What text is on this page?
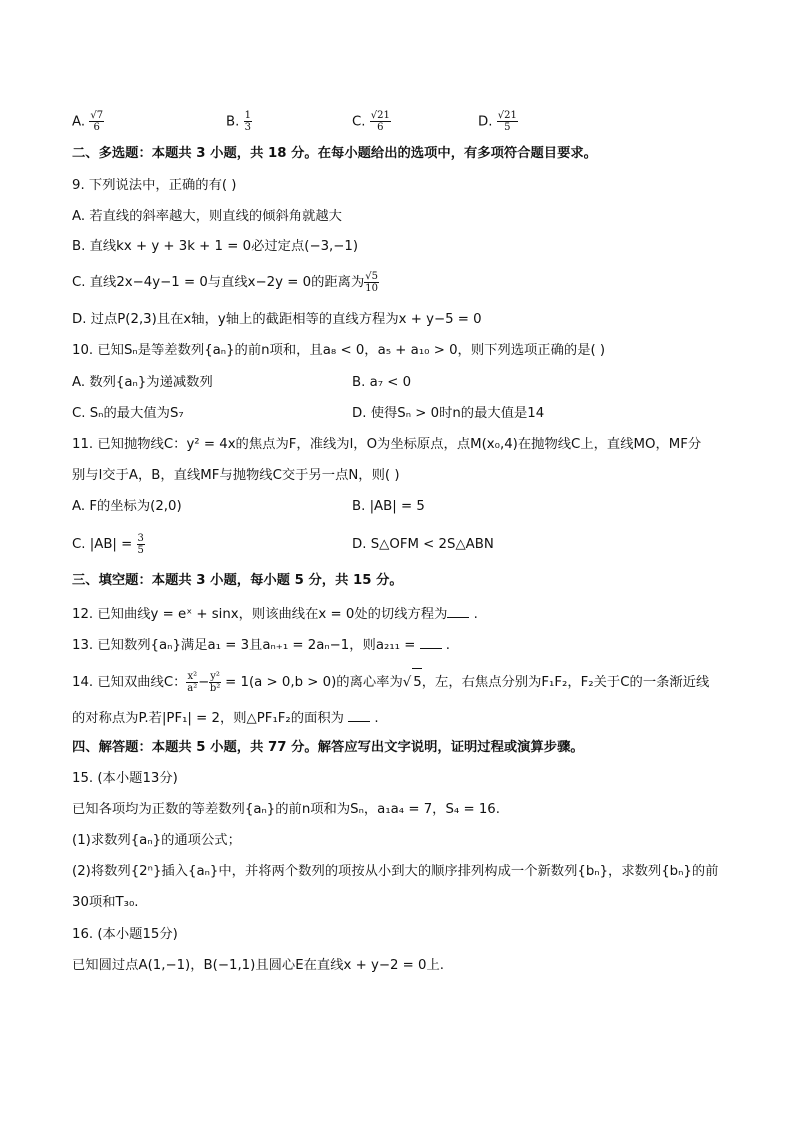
A. $\frac{√7}{6}$	B. $\frac{1}{3}$	C. $\frac{√21}{6}$	D. $\frac{√21}{5}$
二、多选题：本题共 3 小题，共 18 分。在每小题给出的选项中，有多项符合题目要求。
9. 下列说法中，正确的有( )
A. 若直线的斜率越大，则直线的倾斜角就越大
B. 直线kx + y + 3k + 1 = 0必过定点(−3,−1)
C. 直线2x−4y−1 = 0与直线x−2y = 0的距离为 $\frac{√5}{10}$
D. 过点P(2,3)且在x轴，y轴上的截距相等的直线方程为x + y−5 = 0
10. 已知Sₙ是等差数列{aₙ}的前n项和，且a₈ < 0，a₅ + a₁₀ > 0，则下列选项正确的是( )
A. 数列{aₙ}为递减数列	B. a₇ < 0
C. Sₙ的最大值为S₇	D. 使得Sₙ > 0时n的最大值是14
11. 已知抛物线C：y² = 4x的焦点为F，准线为l，O为坐标原点，点M(x₀,4)在抛物线C上，直线MO，MF分
别与l交于A，B，直线MF与抛物线C交于另一点N，则( )
A. F的坐标为(2,0)	B. |AB| = 5
C. $|AB| = \frac{3}{5}$	D. S△OFM < 2S△ABN
三、填空题：本题共 3 小题，每小题 5 分，共 15 分。
12. 已知曲线y = eˣ + sinx，则该曲线在x = 0处的切线方程为 .
13. 已知数列{aₙ}满足a₁ = 3且aₙ₊₁ = 2aₙ−1，则a₂₁₁ =  .
14. 已知双曲线C： $\frac{\text{x²}}{\text{a²}} - \frac{\text{y²}}{\text{b²}} = 1(a > 0,b > 0)$的离心率为√ 5，左，右焦点分别为F₁F₂，F₂关于C的一条渐近线
的对称点为P.若|PF₁| = 2，则△PF₁F₂的面积为  .
四、解答题：本题共 5 小题，共 77 分。解答应写出文字说明，证明过程或演算步骤。
15. (本小题13分)
已知各项均为正数的等差数列{aₙ}的前n项和为Sₙ，a₁a₄ = 7，S₄ = 16.
(1)求数列{aₙ}的通项公式；
(2)将数列{2ⁿ}插入{aₙ}中，并将两个数列的项按从小到大的顺序排列构成一个新数列{bₙ}，求数列{bₙ}的前
30项和T₃₀.
16. (本小题15分)
已知圆过点A(1,−1)，B(−1,1)且圆心E在直线x + y−2 = 0上.
